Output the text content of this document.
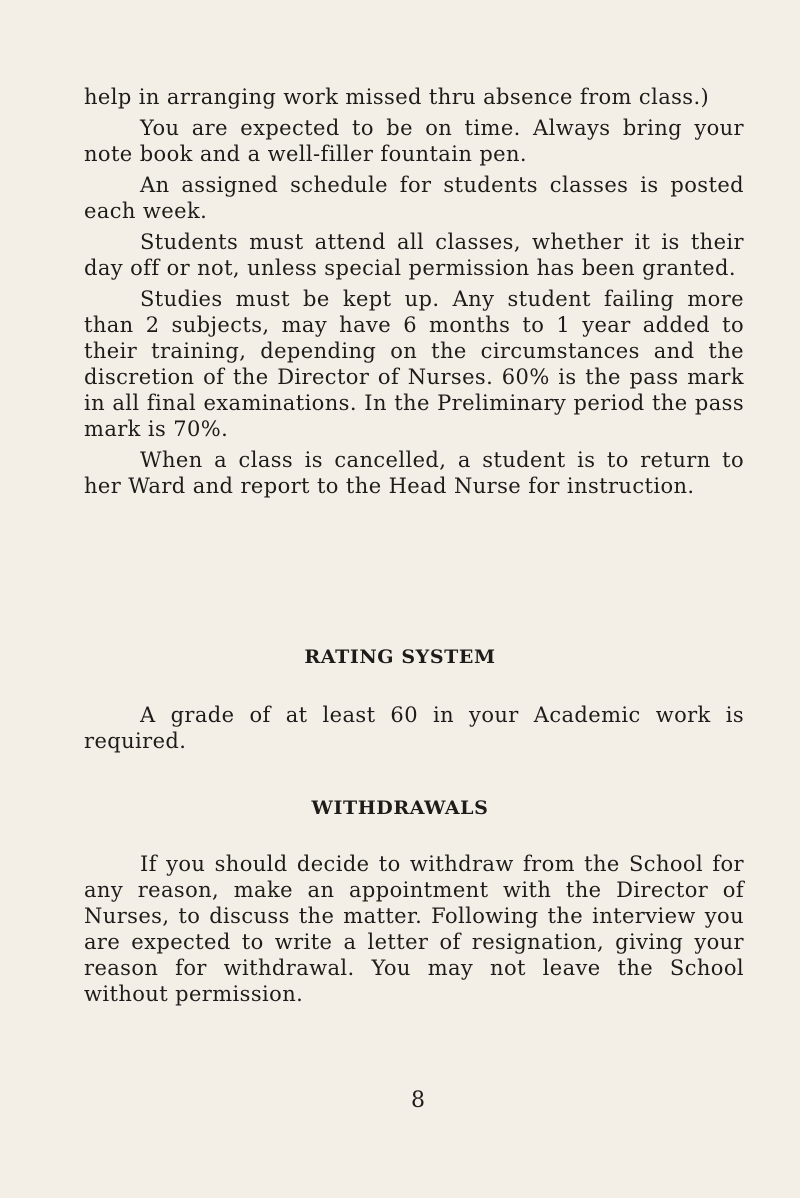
help in arranging work missed thru absence from class.)

You are expected to be on time. Always bring your note book and a well-filler fountain pen.

An assigned schedule for students classes is posted each week.

Students must attend all classes, whether it is their day off or not, unless special permission has been granted.

Studies must be kept up. Any student failing more than 2 subjects, may have 6 months to 1 year added to their training, depending on the circumstances and the discretion of the Director of Nurses. 60% is the pass mark in all final examinations. In the Preliminary period the pass mark is 70%.

When a class is cancelled, a student is to return to her Ward and report to the Head Nurse for instruction.

RATING SYSTEM

A grade of at least 60 in your Academic work is required.

WITHDRAWALS

If you should decide to withdraw from the School for any reason, make an appointment with the Director of Nurses, to discuss the matter. Following the interview you are expected to write a letter of resignation, giving your reason for withdrawal. You may not leave the School without permission.

8
